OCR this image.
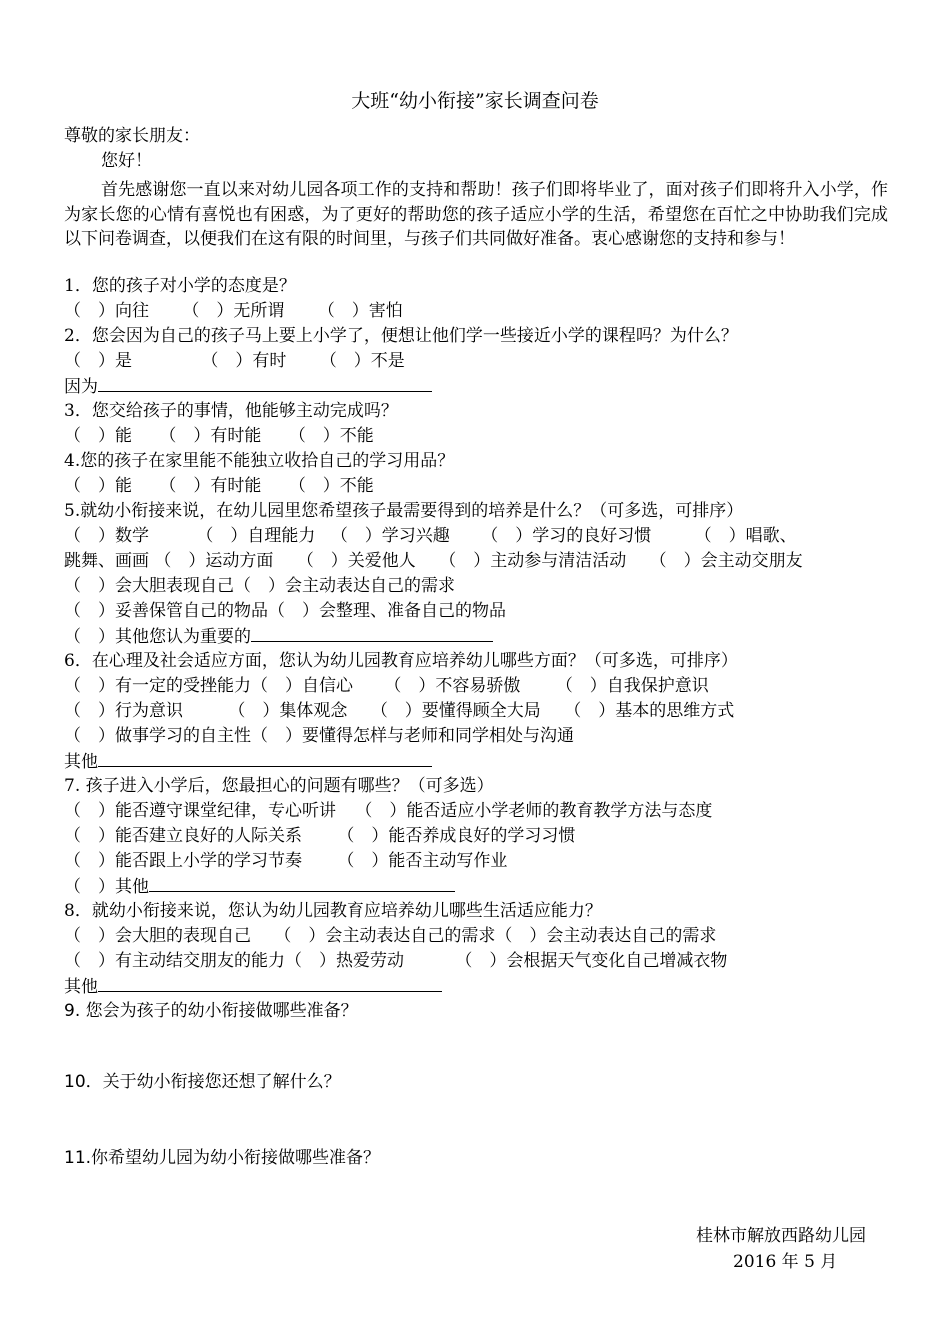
大班“幼小衔接”家长调查问卷
尊敬的家长朋友：
您好！
首先感谢您一直以来对幼儿园各项工作的支持和帮助！孩子们即将毕业了，面对孩子们即将升入小学，作为家长您的心情有喜悦也有困惑，为了更好的帮助您的孩子适应小学的生活，希望您在百忙之中协助我们完成以下问卷调查，以便我们在这有限的时间里，与孩子们共同做好准备。衷心感谢您的支持和参与！
1．您的孩子对小学的态度是？
（　）向往 （　）无所谓 （　）害怕
2．您会因为自己的孩子马上要上小学了，便想让他们学一些接近小学的课程吗？为什么？
（　）是	（　）有时 （　）不是
因为
3．您交给孩子的事情，他能够主动完成吗？
（　）能 （　）有时能 （　）不能
4.您的孩子在家里能不能独立收拾自己的学习用品？
（　）能 （　）有时能 （　）不能
5.就幼小衔接来说，在幼儿园里您希望孩子最需要得到的培养是什么？（可多选，可排序）
（　）数学	（　）自理能力 （　）学习兴趣 （　）学习的良好习惯	（　）唱歌、
跳舞、画画 （　）运动方面 （　）关爱他人 （　）主动参与清洁活动 （　）会主动交朋友
（　）会大胆表现自己（　）会主动表达自己的需求
（　）妥善保管自己的物品（　）会整理、准备自己的物品
（　）其他您认为重要的
6．在心理及社会适应方面，您认为幼儿园教育应培养幼儿哪些方面？（可多选，可排序）
（　）有一定的受挫能力（　）自信心 （　）不容易骄傲 （　）自我保护意识
（　）行为意识	（　）集体观念 （　）要懂得顾全大局 （　）基本的思维方式
（　）做事学习的自主性（　）要懂得怎样与老师和同学相处与沟通
其他
7. 孩子进入小学后，您最担心的问题有哪些？（可多选）
（　）能否遵守课堂纪律，专心听讲 （　）能否适应小学老师的教育教学方法与态度
（　）能否建立良好的人际关系 （　）能否养成良好的学习习惯
（　）能否跟上小学的学习节奏 （　）能否主动写作业
（　）其他
8．就幼小衔接来说，您认为幼儿园教育应培养幼儿哪些生活适应能力？
（　）会大胆的表现自己 （　）会主动表达自己的需求（　）会主动表达自己的需求
（　）有主动结交朋友的能力（　）热爱劳动	（　）会根据天气变化自己增减衣物
其他
9. 您会为孩子的幼小衔接做哪些准备？
10．关于幼小衔接您还想了解什么？
11.你希望幼儿园为幼小衔接做哪些准备？
桂林市解放西路幼儿园
2016 年 5 月
